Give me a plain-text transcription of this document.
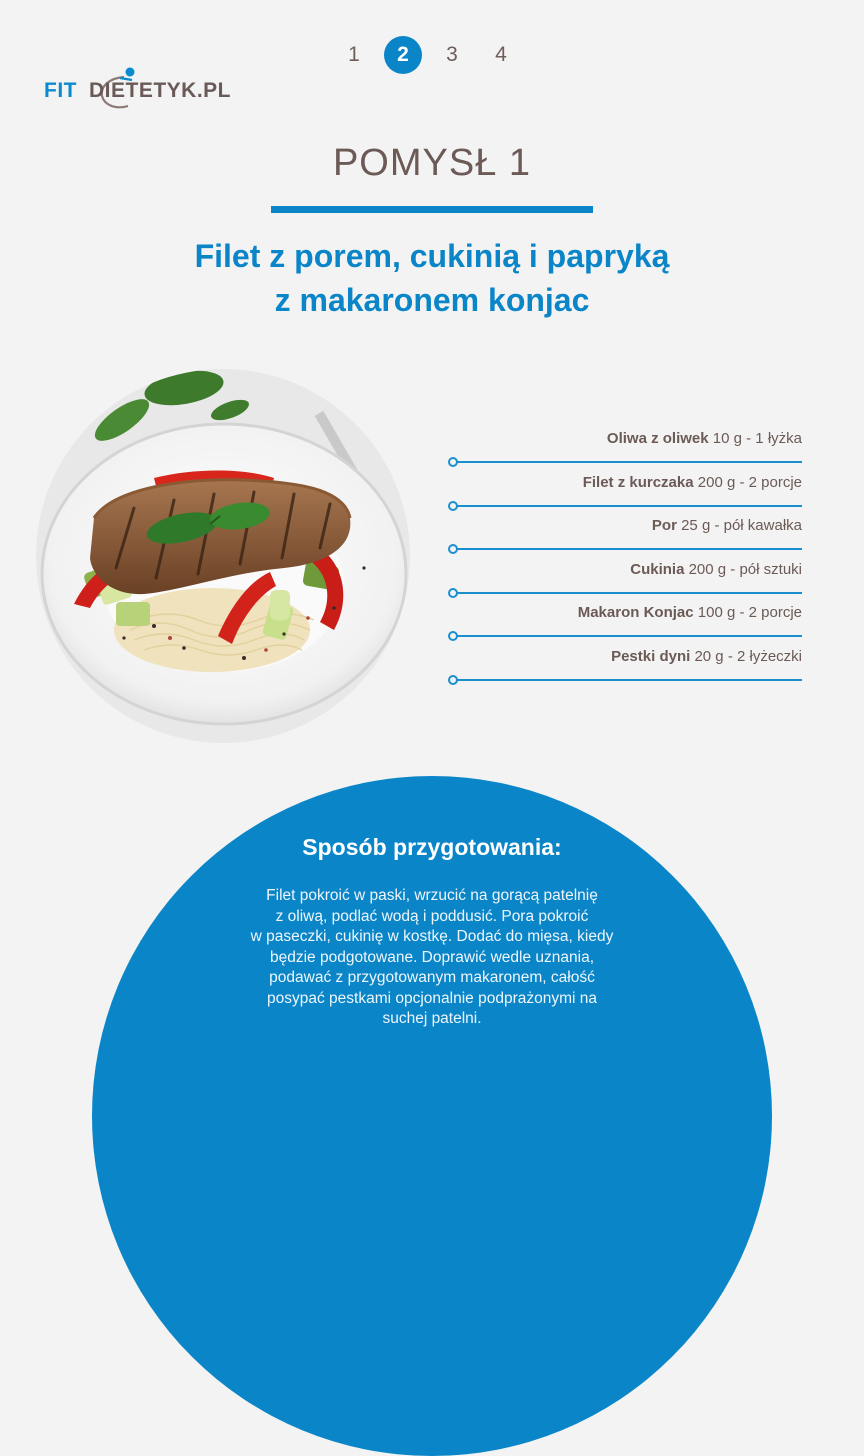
FIT DIETETYK.PL
1	2	3	4
POMYSŁ 1
Filet z porem, cukinią i papryką
z makaronem konjac
Oliwa z oliwek 10 g - 1 łyżka
Filet z kurczaka 200 g - 2 porcje
Por 25 g - pół kawałka
Cukinia 200 g - pół sztuki
Makaron Konjac 100 g - 2 porcje
Pestki dyni 20 g - 2 łyżeczki
Sposób przygotowania:
Filet pokroić w paski, wrzucić na gorącą patelnię
z oliwą, podlać wodą i poddusić. Pora pokroić
w paseczki, cukinię w kostkę. Dodać do mięsa, kiedy
będzie podgotowane. Doprawić wedle uznania,
podawać z przygotowanym makaronem, całość
posypać pestkami opcjonalnie podprażonymi na
suchej patelni.
